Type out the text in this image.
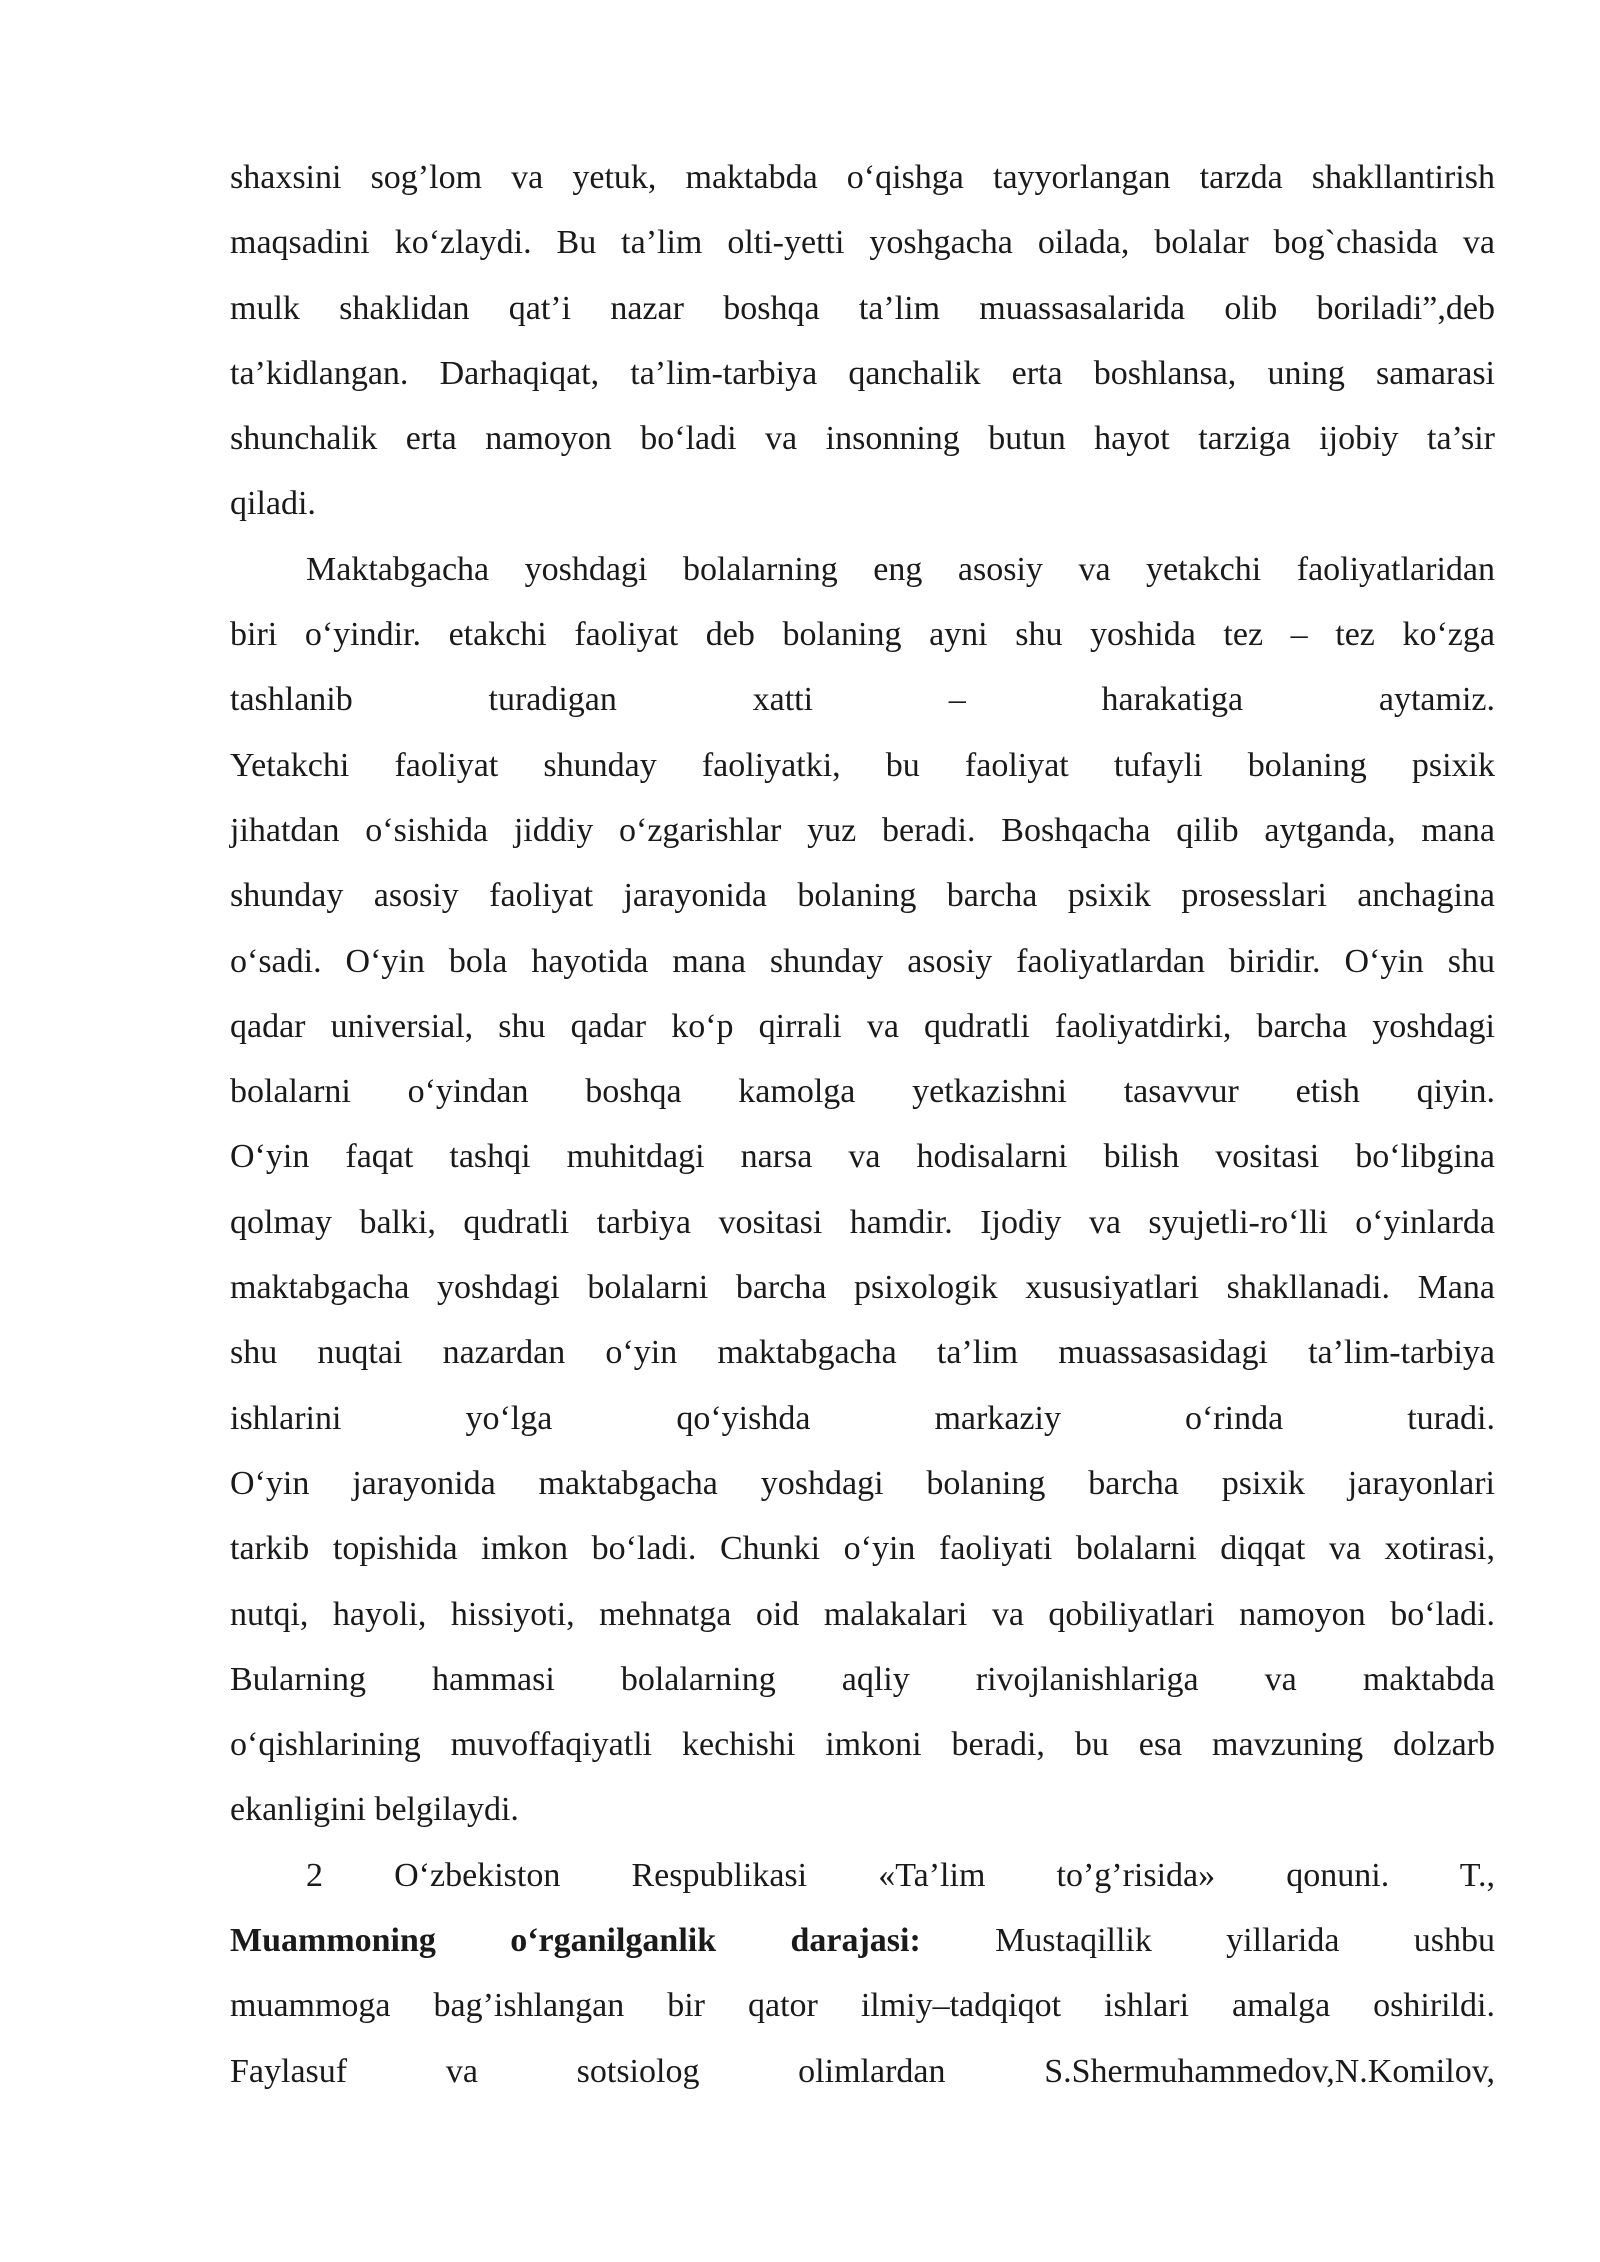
shaxsini sog’lom va yetuk, maktabda o‘qishga tayyorlangan tarzda shakllantirish
maqsadini ko‘zlaydi. Bu ta’lim olti-yetti yoshgacha oilada, bolalar bog`chasida va
mulk shaklidan qat’i nazar boshqa ta’lim muassasalarida olib boriladi”,deb
ta’kidlangan. Darhaqiqat, ta’lim-tarbiya qanchalik erta boshlansa, uning samarasi
shunchalik erta namoyon bo‘ladi va insonning butun hayot tarziga ijobiy ta’sir
qiladi.
Maktabgacha yoshdagi bolalarning eng asosiy va yetakchi faoliyatlaridan
biri o‘yindir. etakchi faoliyat deb bolaning ayni shu yoshida tez – tez ko‘zga
tashlanib turadigan xatti – harakatiga aytamiz.
Yetakchi faoliyat shunday faoliyatki, bu faoliyat tufayli bolaning psixik
jihatdan o‘sishida jiddiy o‘zgarishlar yuz beradi. Boshqacha qilib aytganda, mana
shunday asosiy faoliyat jarayonida bolaning barcha psixik prosesslari anchagina
o‘sadi. O‘yin bola hayotida mana shunday asosiy faoliyatlardan biridir. O‘yin shu
qadar universial, shu qadar ko‘p qirrali va qudratli faoliyatdirki, barcha yoshdagi
bolalarni o‘yindan boshqa kamolga yetkazishni tasavvur etish qiyin.
O‘yin faqat tashqi muhitdagi narsa va hodisalarni bilish vositasi bo‘libgina
qolmay balki, qudratli tarbiya vositasi hamdir. Ijodiy va syujetli-ro‘lli o‘yinlarda
maktabgacha yoshdagi bolalarni barcha psixologik xususiyatlari shakllanadi. Mana
shu nuqtai nazardan o‘yin maktabgacha ta’lim muassasasidagi ta’lim-tarbiya
ishlarini yo‘lga qo‘yishda markaziy o‘rinda turadi.
O‘yin jarayonida maktabgacha yoshdagi bolaning barcha psixik jarayonlari
tarkib topishida imkon bo‘ladi. Chunki o‘yin faoliyati bolalarni diqqat va xotirasi,
nutqi, hayoli, hissiyoti, mehnatga oid malakalari va qobiliyatlari namoyon bo‘ladi.
Bularning hammasi bolalarning aqliy rivojlanishlariga va maktabda
o‘qishlarining muvoffaqiyatli kechishi imkoni beradi, bu esa mavzuning dolzarb
ekanligini belgilaydi.
2 O‘zbekiston Respublikasi «Ta’lim to’g’risida» qonuni. T.,
Muammoning o‘rganilganlik darajasi: Mustaqillik yillarida ushbu
muammoga bag’ishlangan bir qator ilmiy–tadqiqot ishlari amalga oshirildi.
Faylasuf va sotsiolog olimlardan S.Shermuhammedov,N.Komilov,
